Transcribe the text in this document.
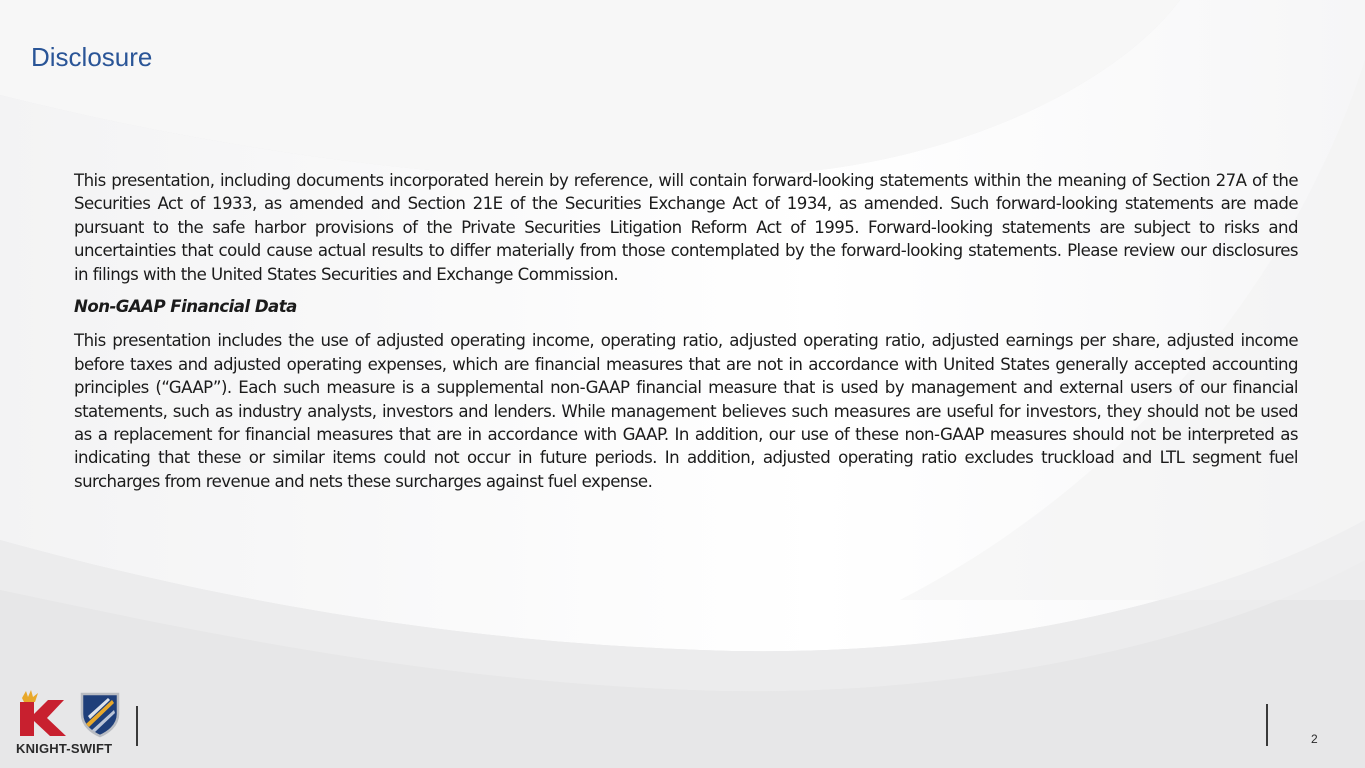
Disclosure

This presentation, including documents incorporated herein by reference, will contain forward-looking statements within the meaning of Section 27A of the Securities Act of 1933, as amended and Section 21E of the Securities Exchange Act of 1934, as amended. Such forward-looking statements are made pursuant to the safe harbor provisions of the Private Securities Litigation Reform Act of 1995. Forward-looking statements are subject to risks and uncertainties that could cause actual results to differ materially from those contemplated by the forward-looking statements. Please review our disclosures in filings with the United States Securities and Exchange Commission.

Non-GAAP Financial Data

This presentation includes the use of adjusted operating income, operating ratio, adjusted operating ratio, adjusted earnings per share, adjusted income before taxes and adjusted operating expenses, which are financial measures that are not in accordance with United States generally accepted accounting principles (“GAAP”). Each such measure is a supplemental non-GAAP financial measure that is used by management and external users of our financial statements, such as industry analysts, investors and lenders. While management believes such measures are useful for investors, they should not be used as a replacement for financial measures that are in accordance with GAAP. In addition, our use of these non-GAAP measures should not be interpreted as indicating that these or similar items could not occur in future periods. In addition, adjusted operating ratio excludes truckload and LTL segment fuel surcharges from revenue and nets these surcharges against fuel expense.

KNIGHT-SWIFT
2
